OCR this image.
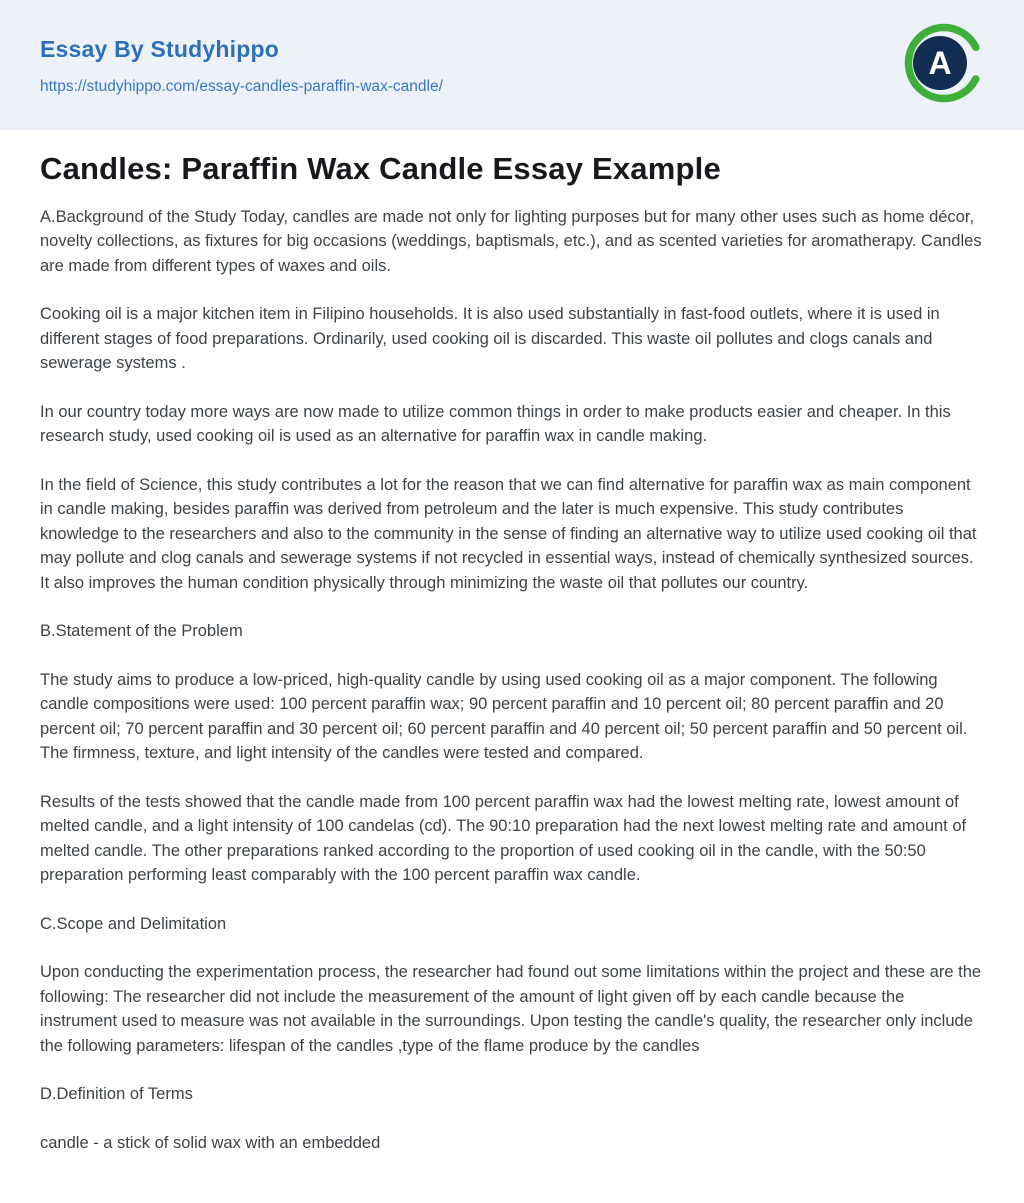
Essay By Studyhippo
https://studyhippo.com/essay-candles-paraffin-wax-candle/
A
Candles: Paraffin Wax Candle Essay Example

A.Background of the Study Today, candles are made not only for lighting purposes but for many other uses such as home décor, novelty collections, as fixtures for big occasions (weddings, baptismals, etc.), and as scented varieties for aromatherapy. Candles are made from different types of waxes and oils.

Cooking oil is a major kitchen item in Filipino households. It is also used substantially in fast-food outlets, where it is used in different stages of food preparations. Ordinarily, used cooking oil is discarded. This waste oil pollutes and clogs canals and sewerage systems .

In our country today more ways are now made to utilize common things in order to make products easier and cheaper. In this research study, used cooking oil is used as an alternative for paraffin wax in candle making.

In the field of Science, this study contributes a lot for the reason that we can find alternative for paraffin wax as main component in candle making, besides paraffin was derived from petroleum and the later is much expensive. This study contributes knowledge to the researchers and also to the community in the sense of finding an alternative way to utilize used cooking oil that may pollute and clog canals and sewerage systems if not recycled in essential ways, instead of chemically synthesized sources. It also improves the human condition physically through minimizing the waste oil that pollutes our country.

B.Statement of the Problem

The study aims to produce a low-priced, high-quality candle by using used cooking oil as a major component. The following candle compositions were used: 100 percent paraffin wax; 90 percent paraffin and 10 percent oil; 80 percent paraffin and 20 percent oil; 70 percent paraffin and 30 percent oil; 60 percent paraffin and 40 percent oil; 50 percent paraffin and 50 percent oil. The firmness, texture, and light intensity of the candles were tested and compared.

Results of the tests showed that the candle made from 100 percent paraffin wax had the lowest melting rate, lowest amount of melted candle, and a light intensity of 100 candelas (cd). The 90:10 preparation had the next lowest melting rate and amount of melted candle. The other preparations ranked according to the proportion of used cooking oil in the candle, with the 50:50 preparation performing least comparably with the 100 percent paraffin wax candle.

C.Scope and Delimitation

Upon conducting the experimentation process, the researcher had found out some limitations within the project and these are the following: The researcher did not include the measurement of the amount of light given off by each candle because the instrument used to measure was not available in the surroundings. Upon testing the candle's quality, the researcher only include the following parameters: lifespan of the candles ,type of the flame produce by the candles

D.Definition of Terms

candle - a stick of solid wax with an embedded
